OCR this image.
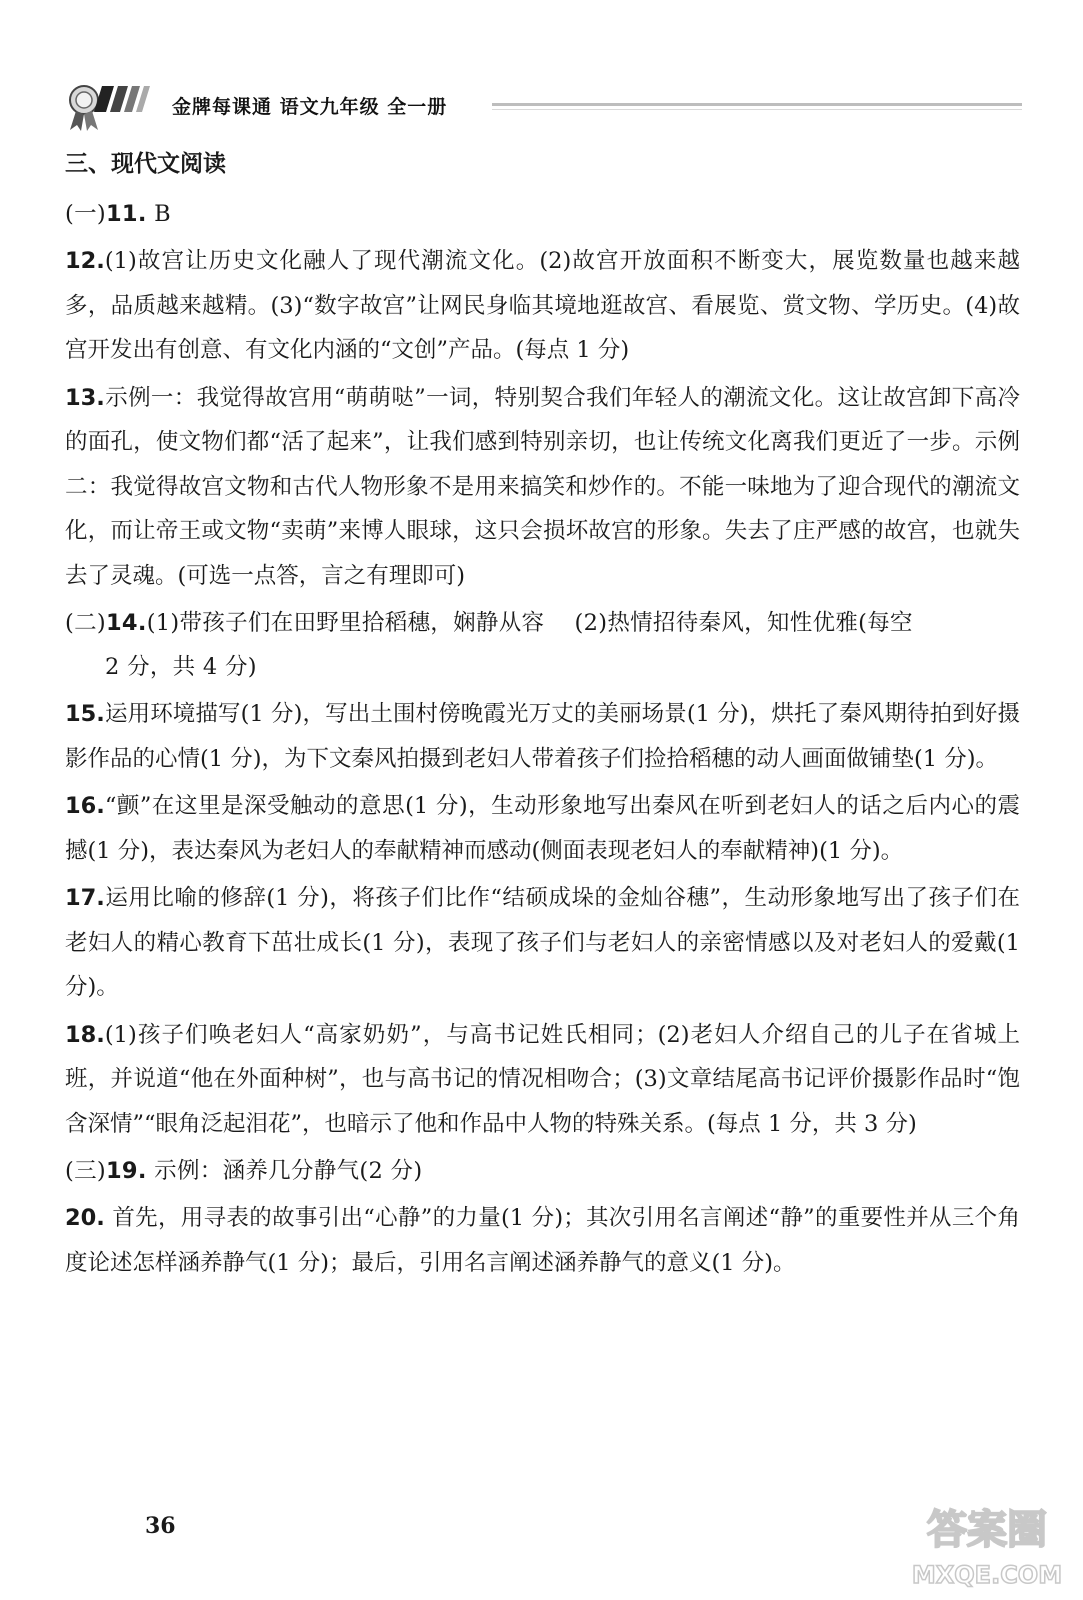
金牌每课通 语文九年级 全一册
三、现代文阅读
(一)11. B

12.(1)故宫让历史文化融人了现代潮流文化。(2)故宫开放面积不断变大，展览数量也越来越多，品质越来越精。(3)“数字故宫”让网民身临其境地逛故宫、看展览、赏文物、学历史。(4)故宫开发出有创意、有文化内涵的“文创”产品。(每点 1 分)

13.示例一：我觉得故宫用“萌萌哒”一词，特别契合我们年轻人的潮流文化。这让故宫卸下高冷的面孔，使文物们都“活了起来”，让我们感到特别亲切，也让传统文化离我们更近了一步。示例二：我觉得故宫文物和古代人物形象不是用来搞笑和炒作的。不能一味地为了迎合现代的潮流文化，而让帝王或文物“卖萌”来博人眼球，这只会损坏故宫的形象。失去了庄严感的故宫，也就失去了灵魂。(可选一点答，言之有理即可)

(二)14.(1)带孩子们在田野里拾稻穗，娴静从容　 (2)热情招待秦风，知性优雅(每空
2 分，共 4 分)

15.运用环境描写(1 分)，写出土围村傍晚霞光万丈的美丽场景(1 分)，烘托了秦风期待拍到好摄影作品的心情(1 分)，为下文秦风拍摄到老妇人带着孩子们捡拾稻穗的动人画面做铺垫(1 分)。

16.“颤”在这里是深受触动的意思(1 分)，生动形象地写出秦风在听到老妇人的话之后内心的震撼(1 分)，表达秦风为老妇人的奉献精神而感动(侧面表现老妇人的奉献精神)(1 分)。

17.运用比喻的修辞(1 分)，将孩子们比作“结硕成垛的金灿谷穗”，生动形象地写出了孩子们在老妇人的精心教育下茁壮成长(1 分)，表现了孩子们与老妇人的亲密情感以及对老妇人的爱戴(1 分)。

18.(1)孩子们唤老妇人“高家奶奶”，与高书记姓氏相同；(2)老妇人介绍自己的儿子在省城上班，并说道“他在外面种树”，也与高书记的情况相吻合；(3)文章结尾高书记评价摄影作品时“饱含深情”“眼角泛起泪花”，也暗示了他和作品中人物的特殊关系。(每点 1 分，共 3 分)

(三)19. 示例：涵养几分静气(2 分)

20. 首先，用寻表的故事引出“心静”的力量(1 分)；其次引用名言阐述“静”的重要性并从三个角度论述怎样涵养静气(1 分)；最后，引用名言阐述涵养静气的意义(1 分)。

36	答案圈
MXQE.COM
